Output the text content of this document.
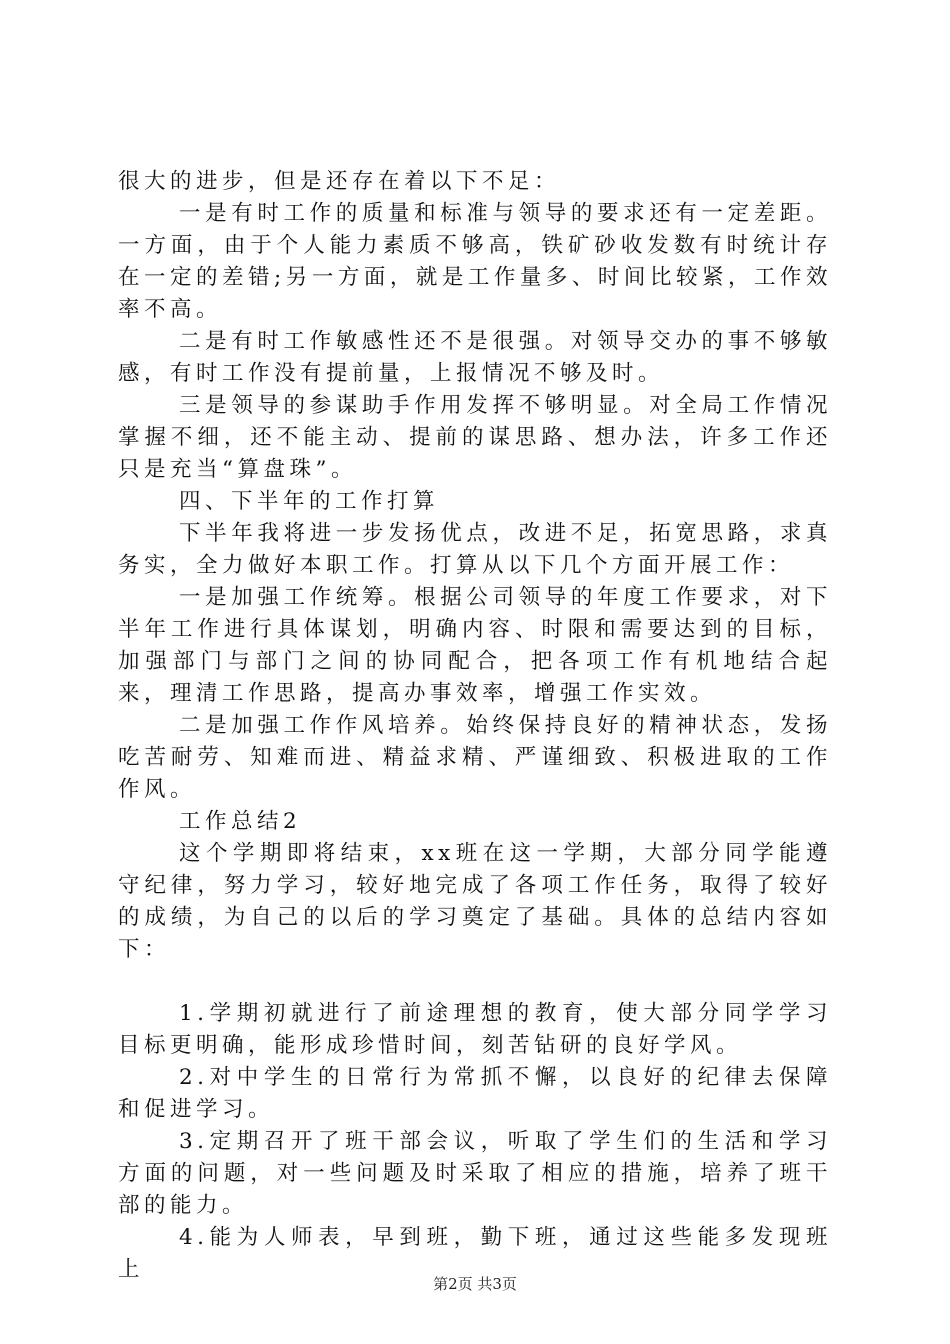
很大的进步，但是还存在着以下不足：

一是有时工作的质量和标准与领导的要求还有一定差距。一方面，由于个人能力素质不够高，铁矿砂收发数有时统计存在一定的差错;另一方面，就是工作量多、时间比较紧，工作效率不高。

二是有时工作敏感性还不是很强。对领导交办的事不够敏感，有时工作没有提前量，上报情况不够及时。

三是领导的参谋助手作用发挥不够明显。对全局工作情况掌握不细，还不能主动、提前的谋思路、想办法，许多工作还只是充当“算盘珠”。

四、下半年的工作打算

下半年我将进一步发扬优点，改进不足，拓宽思路，求真务实，全力做好本职工作。打算从以下几个方面开展工作：

一是加强工作统筹。根据公司领导的年度工作要求，对下半年工作进行具体谋划，明确内容、时限和需要达到的目标，加强部门与部门之间的协同配合，把各项工作有机地结合起来，理清工作思路，提高办事效率，增强工作实效。

二是加强工作作风培养。始终保持良好的精神状态，发扬吃苦耐劳、知难而进、精益求精、严谨细致、积极进取的工作作风。

工作总结2

这个学期即将结束，xx班在这一学期，大部分同学能遵守纪律，努力学习，较好地完成了各项工作任务，取得了较好的成绩，为自己的以后的学习奠定了基础。具体的总结内容如下：

1.学期初就进行了前途理想的教育，使大部分同学学习目标更明确，能形成珍惜时间，刻苦钻研的良好学风。

2.对中学生的日常行为常抓不懈，以良好的纪律去保障和促进学习。

3.定期召开了班干部会议，听取了学生们的生活和学习方面的问题，对一些问题及时采取了相应的措施，培养了班干部的能力。

4.能为人师表，早到班，勤下班，通过这些能多发现班上

第2页 共3页
